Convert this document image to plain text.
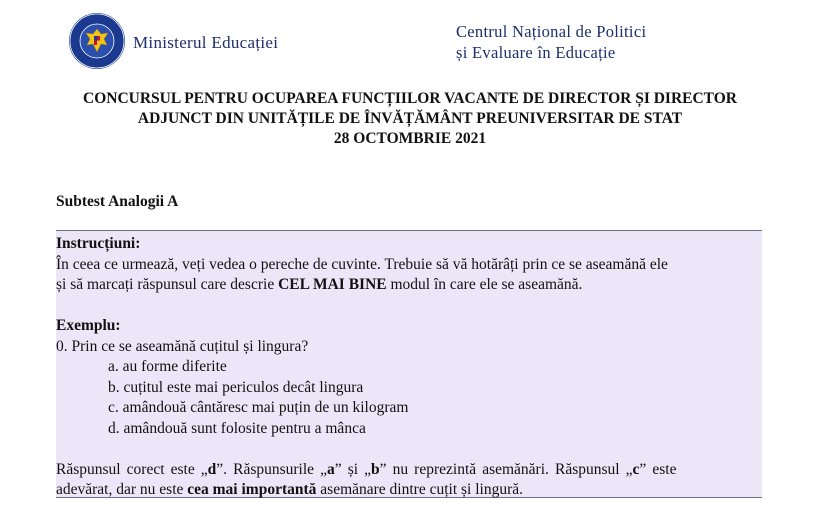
Ministerul Educației
Centrul Național de Politici
și Evaluare în Educație
CONCURSUL PENTRU OCUPAREA FUNCȚIILOR VACANTE DE DIRECTOR ȘI DIRECTOR
ADJUNCT DIN UNITĂȚILE DE ÎNVĂȚĂMÂNT PREUNIVERSITAR DE STAT
28 OCTOMBRIE 2021
Subtest Analogii A
Instrucțiuni:
În ceea ce urmează, veți vedea o pereche de cuvinte. Trebuie să vă hotărâți prin ce se aseamănă ele
și să marcați răspunsul care descrie CEL MAI BINE modul în care ele se aseamănă.
Exemplu:
0. Prin ce se aseamănă cuțitul și lingura?
a. au forme diferite
b. cuțitul este mai periculos decât lingura
c. amândouă cântăresc mai puțin de un kilogram
d. amândouă sunt folosite pentru a mânca
Răspunsul corect este „d”. Răspunsurile „a” și „b” nu reprezintă asemănări. Răspunsul „c” este
adevărat, dar nu este cea mai importantă asemănare dintre cuțit și lingură.
